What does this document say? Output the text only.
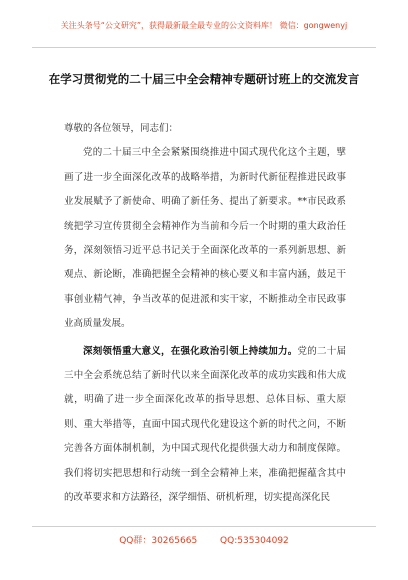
关注头条号“公文研究”，获得最新最全最专业的公文资料库！ 微信：gongwenyj
在学习贯彻党的二十届三中全会精神专题研讨班上的交流发言

尊敬的各位领导，同志们：

党的二十届三中全会紧紧围绕推进中国式现代化这个主题，擘画了进一步全面深化改革的战略举措，为新时代新征程推进民政事业发展赋予了新使命、明确了新任务、提出了新要求。**市民政系统把学习宣传贯彻全会精神作为当前和今后一个时期的重大政治任务，深刻领悟习近平总书记关于全面深化改革的一系列新思想、新观点、新论断，准确把握全会精神的核心要义和丰富内涵，鼓足干事创业精气神，争当改革的促进派和实干家，不断推动全市民政事业高质量发展。

深刻领悟重大意义，在强化政治引领上持续加力。党的二十届三中全会系统总结了新时代以来全面深化改革的成功实践和伟大成就，明确了进一步全面深化改革的指导思想、总体目标、重大原则、重大举措等，直面中国式现代化建设这个新的时代之问，不断完善各方面体制机制，为中国式现代化提供强大动力和制度保障。我们将切实把思想和行动统一到全会精神上来，准确把握蕴含其中的改革要求和方法路径，深学细悟、研机析理，切实提高深化民

QQ群：30265665	QQ:535304092
